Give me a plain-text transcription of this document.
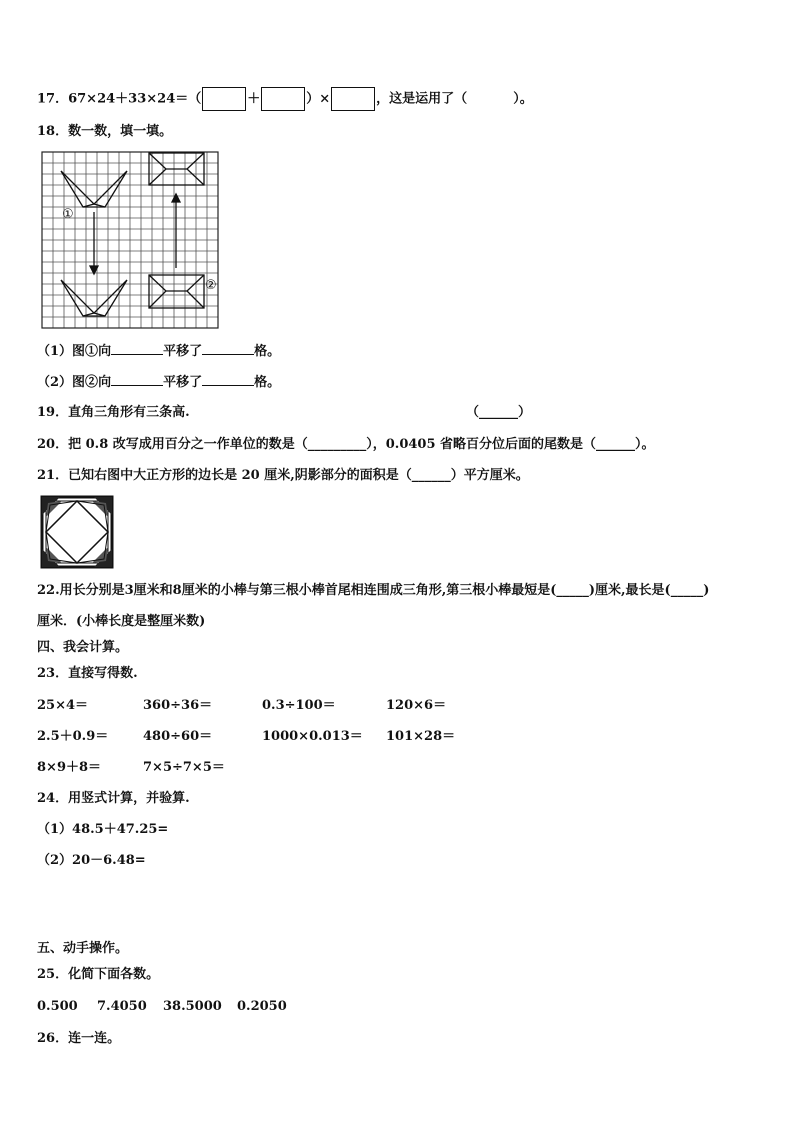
17．67×24＋33×24＝（	＋	）×	，这是运用了（	）。
18．数一数，填一填。
①
②
（1）图①向	平移了	格。
（2）图②向	平移了	格。
19．直角三角形有三条高.	（______）
20．把 0.8 改写成用百分之一作单位的数是（_________），0.0405 省略百分位后面的尾数是（______）。
21．已知右图中大正方形的边长是 20 厘米,阴影部分的面积是（______）平方厘米。
22.用长分别是3厘米和8厘米的小棒与第三根小棒首尾相连围成三角形,第三根小棒最短是(_____)厘米,最长是(_____)
厘米．(小棒长度是整厘米数)
四、我会计算。
23．直接写得数.
25×4＝	360÷36＝	0.3÷100＝	120×6＝
2.5＋0.9＝	480÷60＝	1000×0.013＝ 101×28＝
8×9＋8＝	7×5÷7×5＝
24．用竖式计算，并验算.
（1）48.5＋47.25=
（2）20－6.48=
五、动手操作。
25．化简下面各数。
0.500 7.4050 38.5000 0.2050
26．连一连。
